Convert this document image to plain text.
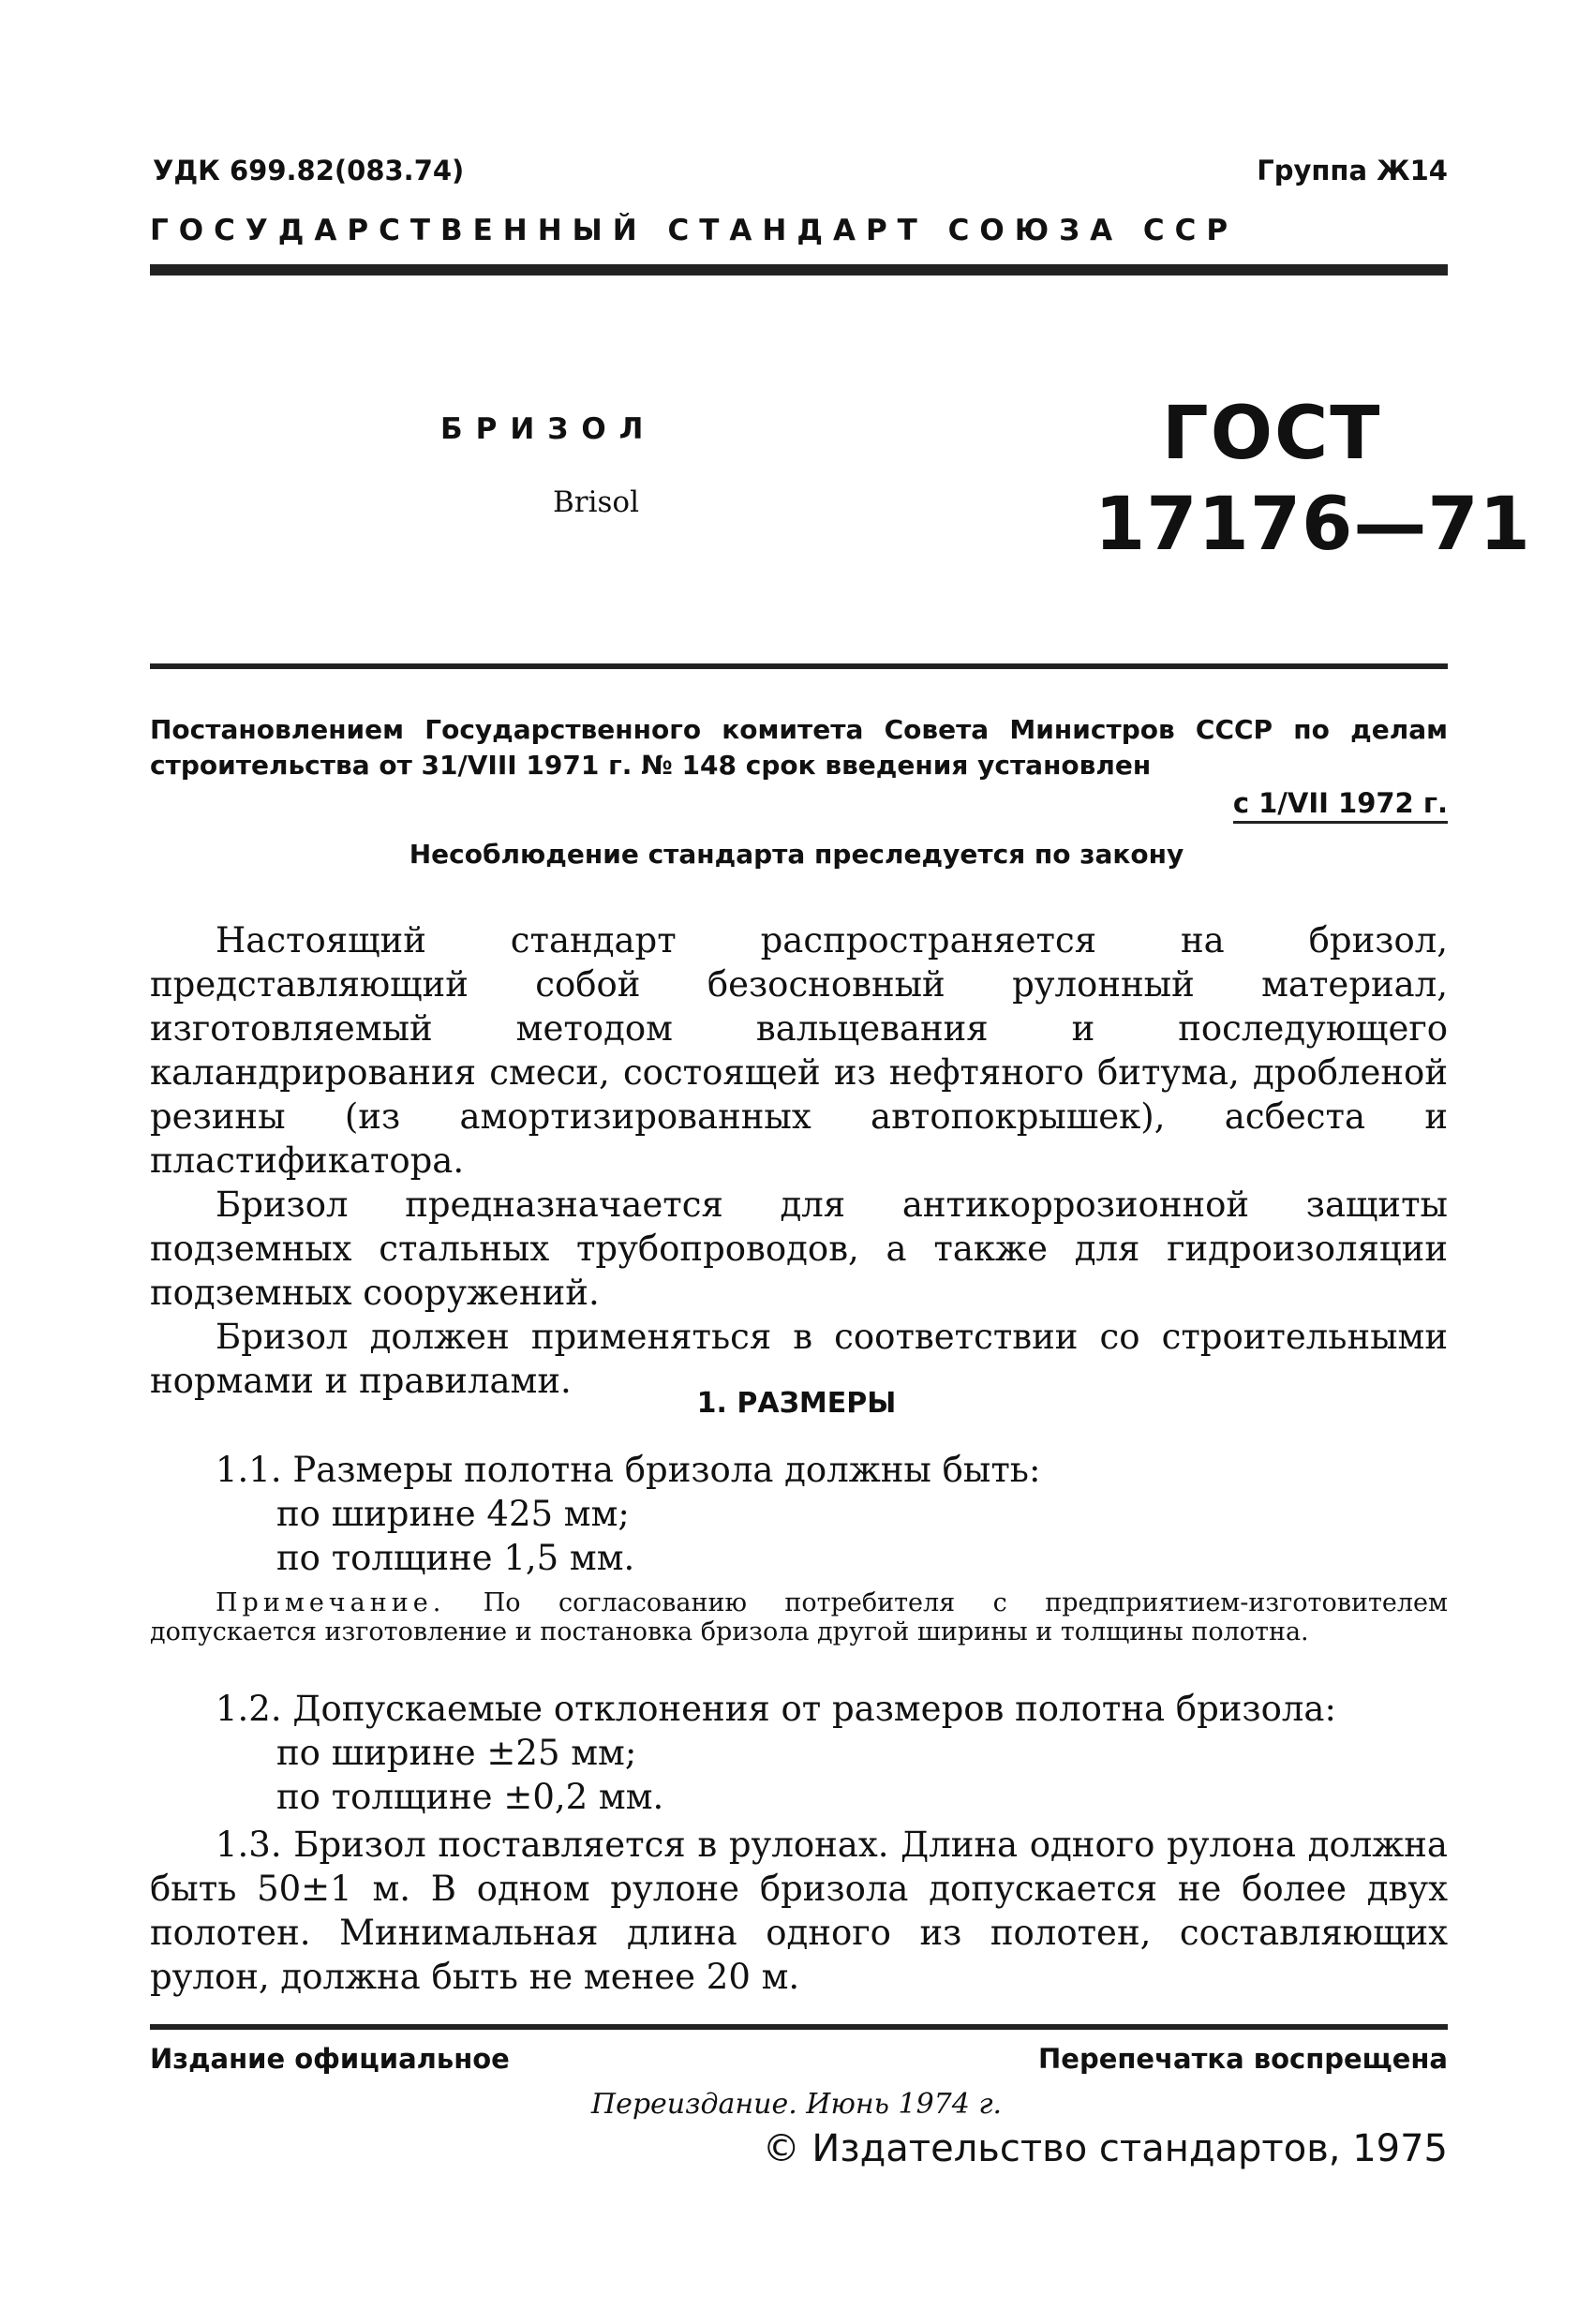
УДК 699.82(083.74)	Группа Ж14
ГОСУДАРСТВЕННЫЙ СТАНДАРТ СОЮЗА ССР
БРИЗОЛ
Brisol
ГОСТ
17176—71
Постановлением Государственного комитета Совета Министров СССР по делам строительства от 31/VIII 1971 г. № 148 срок введения установлен
с 1/VII 1972 г.
Несоблюдение стандарта преследуется по закону

Настоящий стандарт распространяется на бризол, представляющий собой безосновный рулонный материал, изготовляемый методом вальцевания и последующего каландрирования смеси, состоящей из нефтяного битума, дробленой резины (из амортизированных автопокрышек), асбеста и пластификатора.

Бризол предназначается для антикоррозионной защиты подземных стальных трубопроводов, а также для гидроизоляции подземных сооружений.

Бризол должен применяться в соответствии со строительными нормами и правилами.

1. РАЗМЕРЫ

1.1. Размеры полотна бризола должны быть:

по ширине 425 мм;
по толщине 1,5 мм.
Примечание. По согласованию потребителя с предприятием-изготовителем допускается изготовление и постановка бризола другой ширины и толщины полотна.

1.2. Допускаемые отклонения от размеров полотна бризола:

по ширине ±25 мм;
по толщине ±0,2 мм.

1.3. Бризол поставляется в рулонах. Длина одного рулона должна быть 50±1 м. В одном рулоне бризола допускается не более двух полотен. Минимальная длина одного из полотен, составляющих рулон, должна быть не менее 20 м.

Издание официальное	Перепечатка воспрещена
Переиздание. Июнь 1974 г.
© Издательство стандартов, 1975
